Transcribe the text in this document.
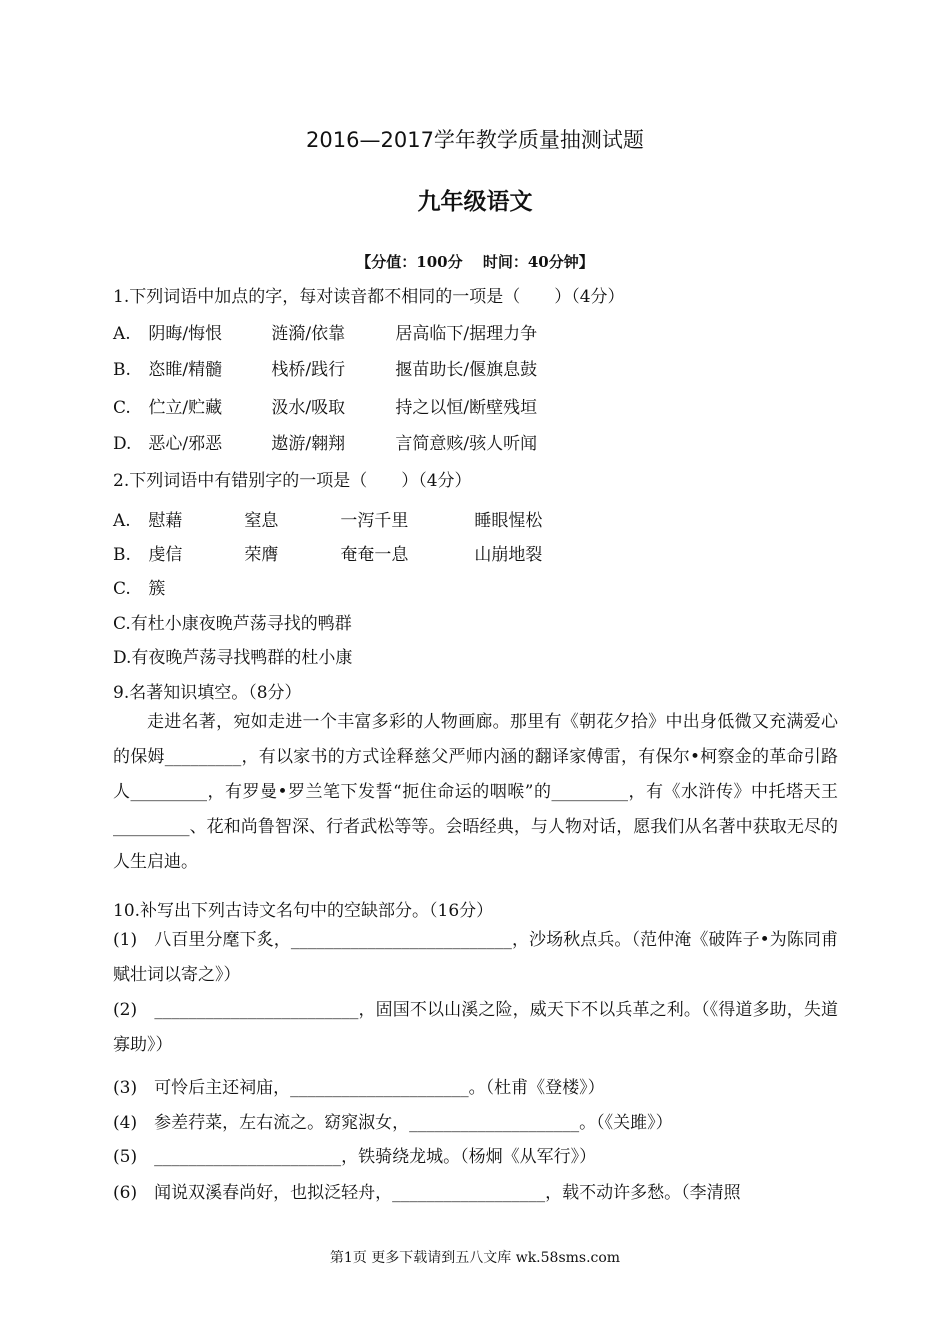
2016—2017学年教学质量抽测试题
九年级语文
【分值：100分　 时间：40分钟】
1.下列词语中加点的字，每对读音都不相同的一项是（　　）（4分）
A. 阴晦/悔恨	涟漪/依靠	居高临下/据理力争
B. 恣睢/精髓	栈桥/践行	揠苗助长/偃旗息鼓
C. 伫立/贮藏	汲水/吸取	持之以恒/断壁残垣
D. 恶心/邪恶	遨游/翱翔	言简意赅/骇人听闻
2.下列词语中有错别字的一项是（　　）（4分）
A. 慰藉	窒息	一泻千里	睡眼惺松
B. 虔信	荣膺	奄奄一息	山崩地裂
C. 簇
C.有杜小康夜晚芦荡寻找的鸭群
D.有夜晚芦荡寻找鸭群的杜小康
9.名著知识填空。（8分）
走进名著，宛如走进一个丰富多彩的人物画廊。那里有《朝花夕拾》中出身低微又充满爱心的保姆_________，有以家书的方式诠释慈父严师内涵的翻译家傅雷，有保尔•柯察金的革命引路人_________，有罗曼•罗兰笔下发誓“扼住命运的咽喉”的_________，有《水浒传》中托塔天王_________、花和尚鲁智深、行者武松等等。会晤经典，与人物对话，愿我们从名著中获取无尽的人生启迪。
10.补写出下列古诗文名句中的空缺部分。（16分）
(1)　八百里分麾下炙，__________________________，沙场秋点兵。（范仲淹《破阵子•为陈同甫赋壮词以寄之》）
(2)　________________________，固国不以山溪之险，威天下不以兵革之利。（《得道多助，失道寡助》）
(3)　可怜后主还祠庙，_____________________。（杜甫《登楼》）
(4)　参差荇菜，左右流之。窈窕淑女，____________________。（《关雎》）
(5)　______________________，铁骑绕龙城。（杨炯《从军行》）
(6)　闻说双溪春尚好，也拟泛轻舟，__________________，载不动许多愁。（李清照
第1页 更多下载请到五八文库 wk.58sms.com
